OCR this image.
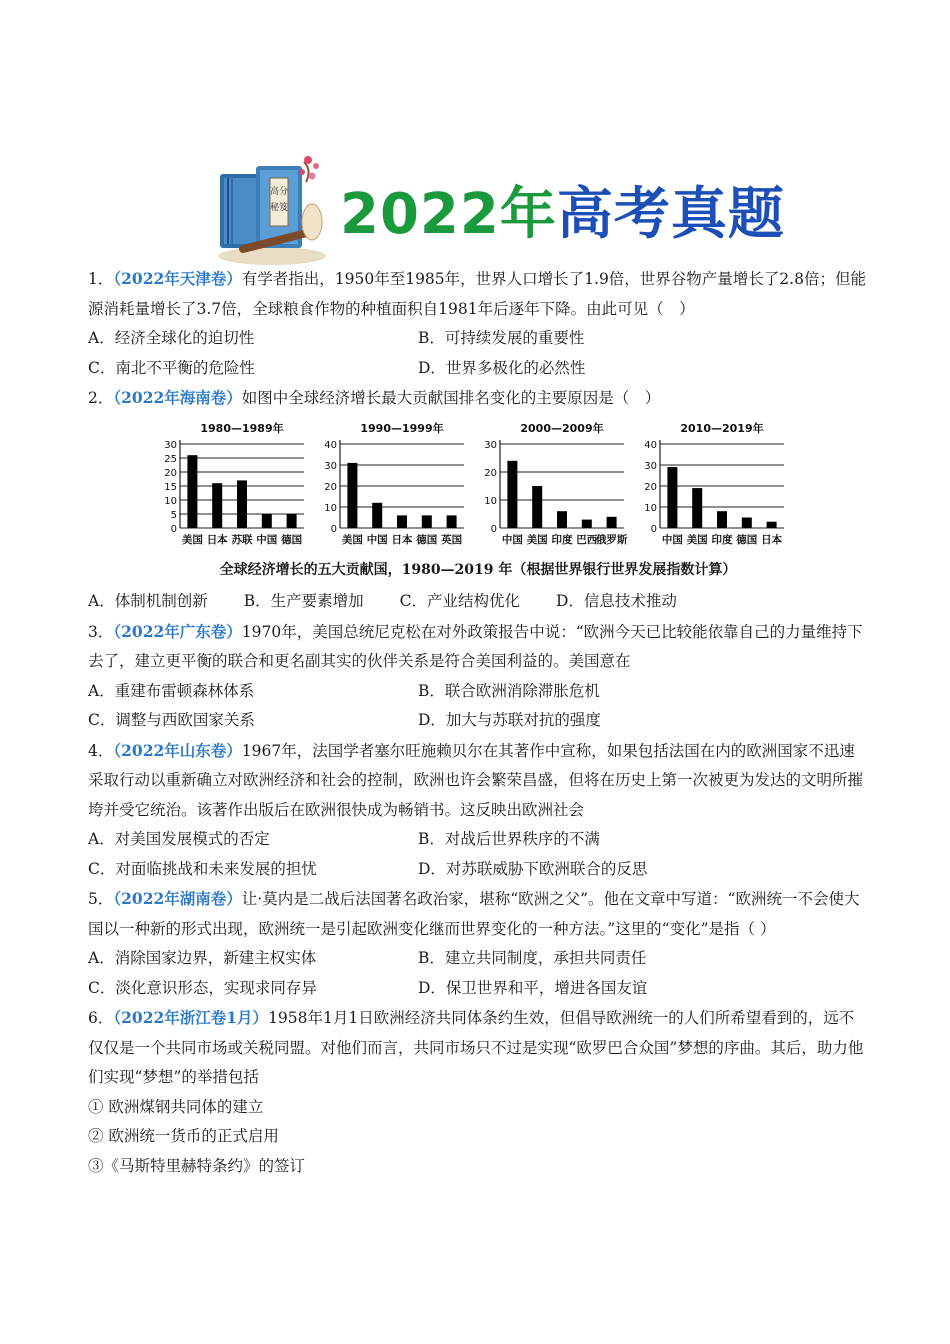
高分
秘笈 2022年高考真题

1．（2022年天津卷）有学者指出，1950年至1985年，世界人口增长了1.9倍，世界谷物产量增长了2.8倍；但能源消耗量增长了3.7倍，全球粮食作物的种植面积自1981年后逐年下降。由此可见（　）

A．经济全球化的迫切性	B．可持续发展的重要性
C．南北不平衡的危险性	D．世界多极化的必然性

2．（2022年海南卷）如图中全球经济增长最大贡献国排名变化的主要原因是（　）

1980—1989年
0
5
10
15
20
25
30
美国 日本 苏联 中国 德国
1990—1999年
0
10
20
30
40
美国 中国 日本 德国 英国
2000—2009年
0
10
20
30
中国 美国 印度 巴西
俄罗斯
2010—2019年
0
10
20
30
40
中国 美国 印度 德国 日本
全球经济增长的五大贡献国，1980—2019 年（根据世界银行世界发展指数计算）
A．体制机制创新 B．生产要素增加 C．产业结构优化 D．信息技术推动

3．（2022年广东卷）1970年，美国总统尼克松在对外政策报告中说：“欧洲今天已比较能依靠自己的力量维持下去了，建立更平衡的联合和更名副其实的伙伴关系是符合美国利益的。美国意在

A．重建布雷顿森林体系	B．联合欧洲消除滞胀危机
C．调整与西欧国家关系	D．加大与苏联对抗的强度

4．（2022年山东卷）1967年，法国学者塞尔旺施赖贝尔在其著作中宣称，如果包括法国在内的欧洲国家不迅速采取行动以重新确立对欧洲经济和社会的控制，欧洲也许会繁荣昌盛，但将在历史上第一次被更为发达的文明所摧垮并受它统治。该著作出版后在欧洲很快成为畅销书。这反映出欧洲社会

A．对美国发展模式的否定	B．对战后世界秩序的不满
C．对面临挑战和未来发展的担忧	D．对苏联威胁下欧洲联合的反思

5．（2022年湖南卷）让·莫内是二战后法国著名政治家，堪称“欧洲之父”。他在文章中写道：“欧洲统一不会使大国以一种新的形式出现，欧洲统一是引起欧洲变化继而世界变化的一种方法。”这里的“变化”是指（ ）

A．消除国家边界，新建主权实体	B．建立共同制度，承担共同责任
C．淡化意识形态，实现求同存异	D．保卫世界和平，增进各国友谊

6．（2022年浙江卷1月）1958年1月1日欧洲经济共同体条约生效，但倡导欧洲统一的人们所希望看到的，远不仅仅是一个共同市场或关税同盟。对他们而言，共同市场只不过是实现“欧罗巴合众国”梦想的序曲。其后，助力他们实现“梦想”的举措包括

① 欧洲煤钢共同体的建立

② 欧洲统一货币的正式启用

③《马斯特里赫特条约》的签订
